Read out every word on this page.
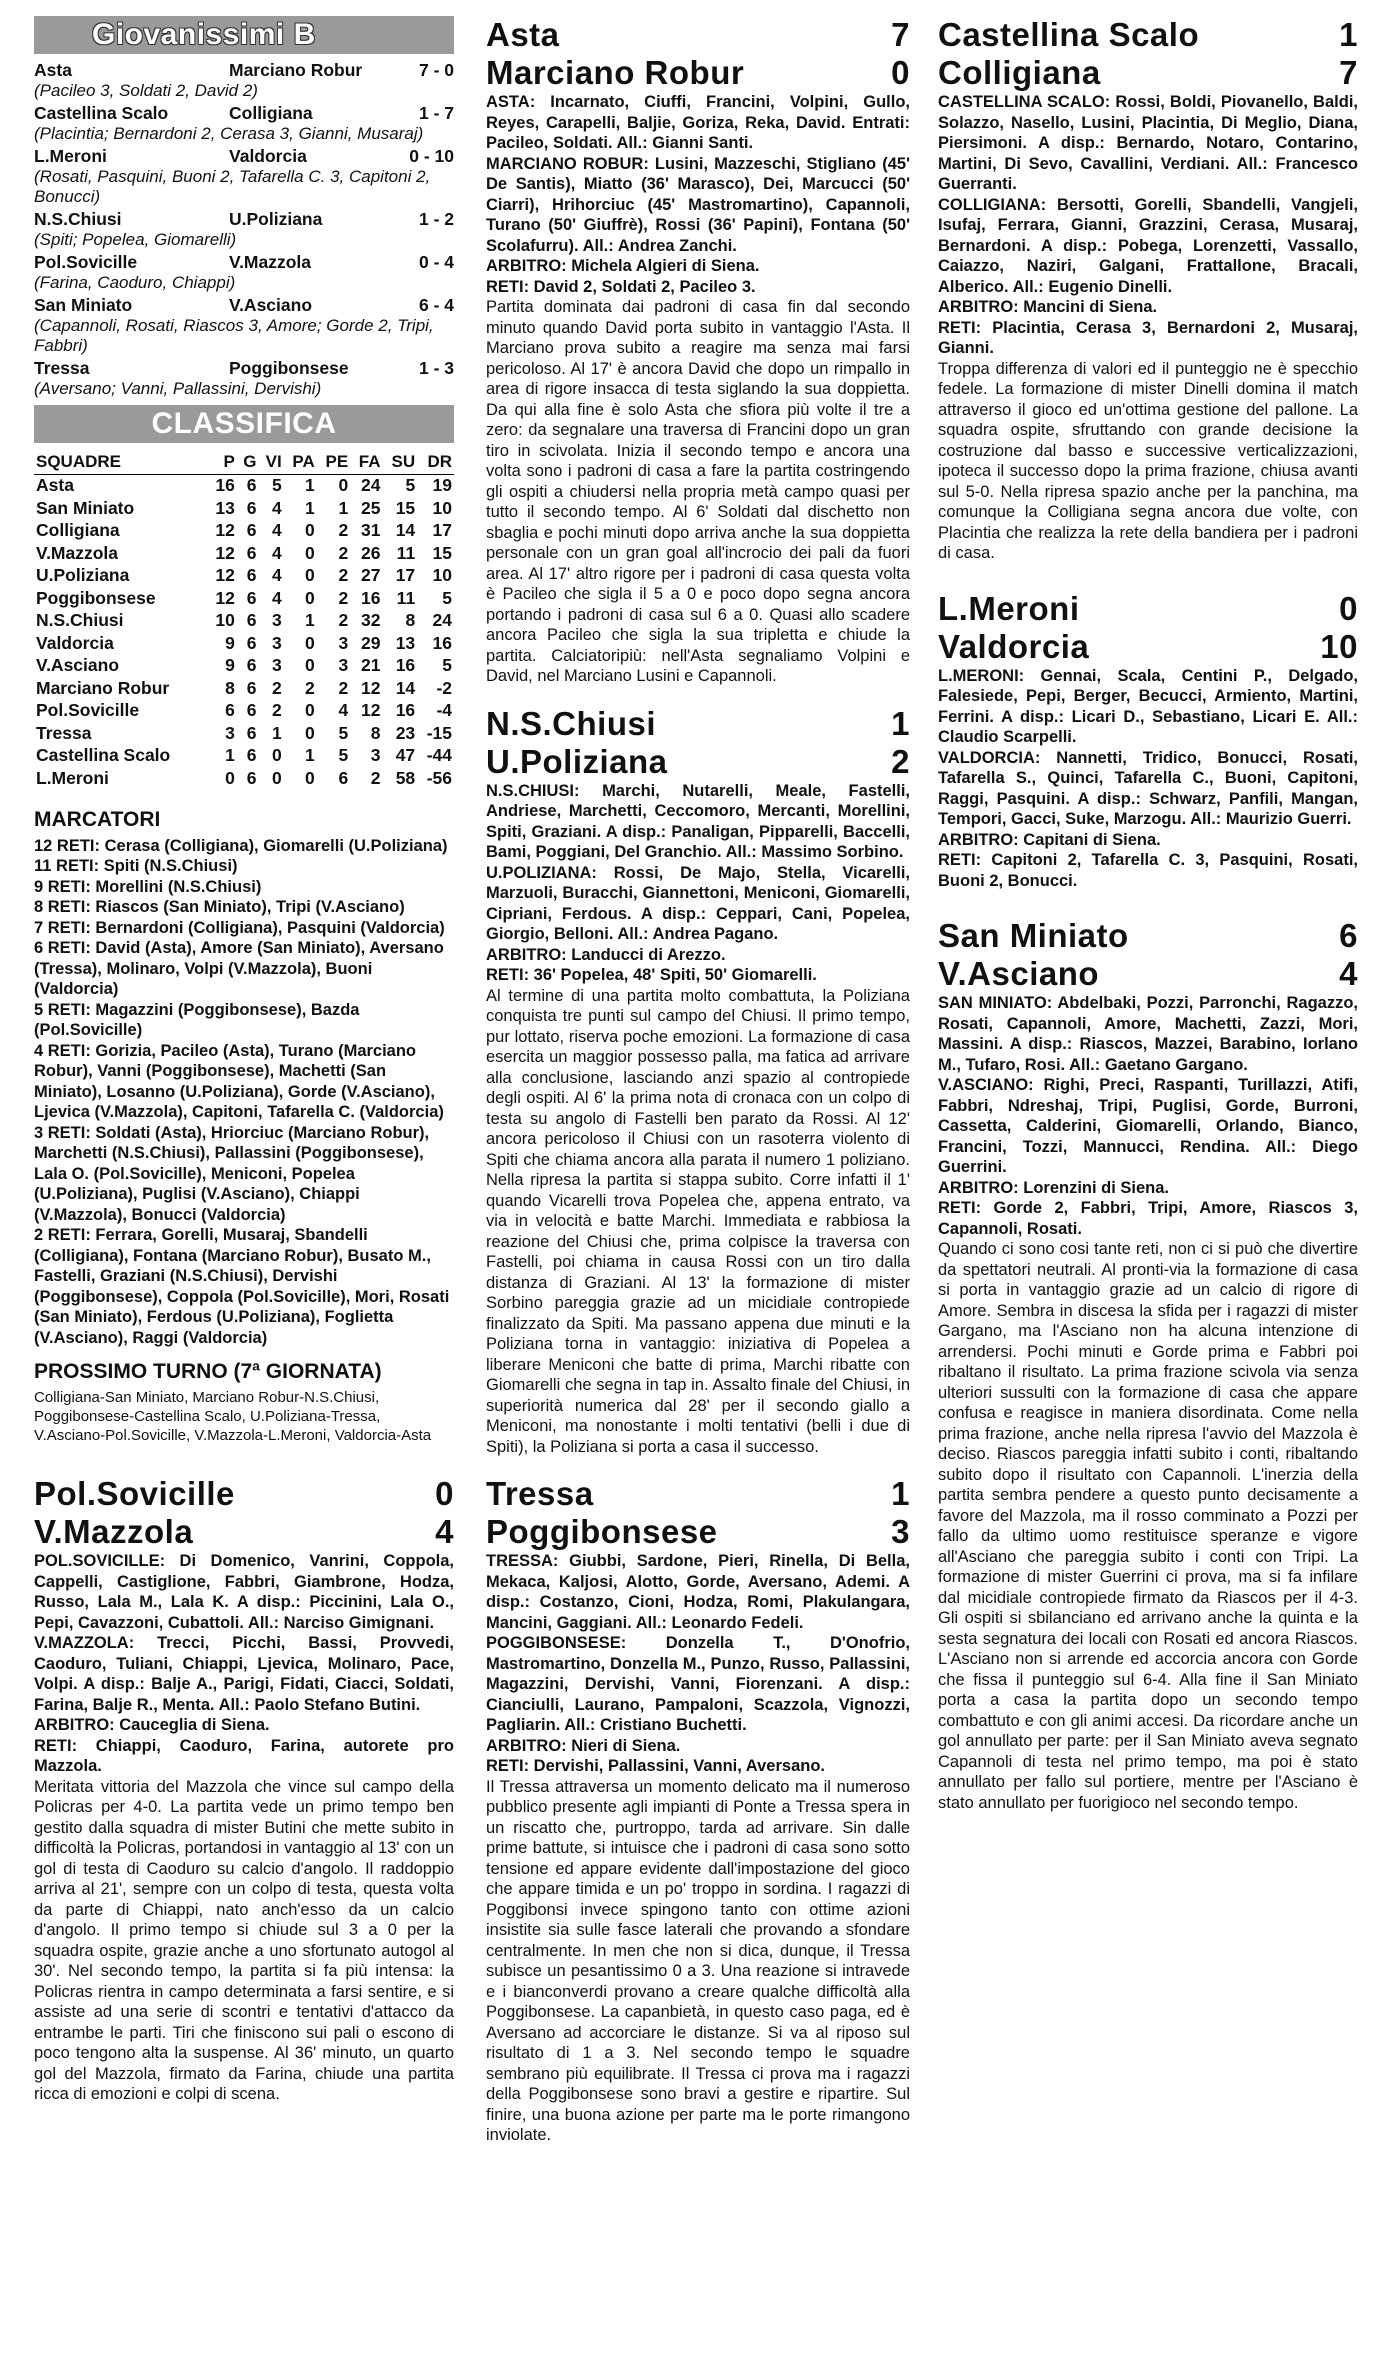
Giovanissimi B
Asta	Marciano Robur	7 - 0
(Pacileo 3, Soldati 2, David 2)
Castellina Scalo	Colligiana	1 - 7
(Placintia; Bernardoni 2, Cerasa 3, Gianni, Musaraj)
L.Meroni	Valdorcia	0 - 10
(Rosati, Pasquini, Buoni 2, Tafarella C. 3, Capitoni 2, Bonucci)
N.S.Chiusi	U.Poliziana	1 - 2
(Spiti; Popelea, Giomarelli)
Pol.Sovicille	V.Mazzola	0 - 4
(Farina, Caoduro, Chiappi)
San Miniato	V.Asciano	6 - 4
(Capannoli, Rosati, Riascos 3, Amore; Gorde 2, Tripi, Fabbri)
Tressa	Poggibonsese	1 - 3
(Aversano; Vanni, Pallassini, Dervishi)
CLASSIFICA
SQUADRE	P	G	VI	PA	PE	FA	SU	DR
Asta	16	6	5	1	0	24	5	19
San Miniato	13	6	4	1	1	25	15	10
Colligiana	12	6	4	0	2	31	14	17
V.Mazzola	12	6	4	0	2	26	11	15
U.Poliziana	12	6	4	0	2	27	17	10
Poggibonsese	12	6	4	0	2	16	11	5
N.S.Chiusi	10	6	3	1	2	32	8	24
Valdorcia	9	6	3	0	3	29	13	16
V.Asciano	9	6	3	0	3	21	16	5
Marciano Robur	8	6	2	2	2	12	14	-2
Pol.Sovicille	6	6	2	0	4	12	16	-4
Tressa	3	6	1	0	5	8	23	-15
Castellina Scalo	1	6	0	1	5	3	47	-44
L.Meroni	0	6	0	0	6	2	58	-56
MARCATORI

12 RETI: Cerasa (Colligiana), Giomarelli (U.Poliziana)

11 RETI: Spiti (N.S.Chiusi)

9 RETI: Morellini (N.S.Chiusi)

8 RETI: Riascos (San Miniato), Tripi (V.Asciano)

7 RETI: Bernardoni (Colligiana), Pasquini (Valdorcia)

6 RETI: David (Asta), Amore (San Miniato), Aversano (Tressa), Molinaro, Volpi (V.Mazzola), Buoni (Valdorcia)

5 RETI: Magazzini (Poggibonsese), Bazda (Pol.Sovicille)

4 RETI: Gorizia, Pacileo (Asta), Turano (Marciano Robur), Vanni (Poggibonsese), Machetti (San Miniato), Losanno (U.Poliziana), Gorde (V.Asciano), Ljevica (V.Mazzola), Capitoni, Tafarella C. (Valdorcia)

3 RETI: Soldati (Asta), Hriorciuc (Marciano Robur), Marchetti (N.S.Chiusi), Pallassini (Poggibonsese), Lala O. (Pol.Sovicille), Meniconi, Popelea (U.Poliziana), Puglisi (V.Asciano), Chiappi (V.Mazzola), Bonucci (Valdorcia)

2 RETI: Ferrara, Gorelli, Musaraj, Sbandelli (Colligiana), Fontana (Marciano Robur), Busato M., Fastelli, Graziani (N.S.Chiusi), Dervishi (Poggibonsese), Coppola (Pol.Sovicille), Mori, Rosati (San Miniato), Ferdous (U.Poliziana), Foglietta (V.Asciano), Raggi (Valdorcia)

PROSSIMO TURNO (7ª GIORNATA)
Colligiana-San Miniato, Marciano Robur-N.S.Chiusi, Poggibonsese-Castellina Scalo, U.Poliziana-Tressa, V.Asciano-Pol.Sovicille, V.Mazzola-L.Meroni, Valdorcia-Asta
Pol.Sovicille	0
V.Mazzola	4

POL.SOVICILLE: Di Domenico, Vanrini, Coppola, Cappelli, Castiglione, Fabbri, Giambrone, Hodza, Russo, Lala M., Lala K. A disp.: Piccinini, Lala O., Pepi, Cavazzoni, Cubattoli. All.: Narciso Gimignani.

V.MAZZOLA: Trecci, Picchi, Bassi, Provvedi, Caoduro, Tuliani, Chiappi, Ljevica, Molinaro, Pace, Volpi. A disp.: Balje A., Parigi, Fidati, Ciacci, Soldati, Farina, Balje R., Menta. All.: Paolo Stefano Butini.

ARBITRO: Cauceglia di Siena.

RETI: Chiappi, Caoduro, Farina, autorete pro Mazzola.

Meritata vittoria del Mazzola che vince sul campo della Policras per 4-0. La partita vede un primo tempo ben gestito dalla squadra di mister Butini che mette subito in difficoltà la Policras, portandosi in vantaggio al 13' con un gol di testa di Caoduro su calcio d'angolo. Il raddoppio arriva al 21', sempre con un colpo di testa, questa volta da parte di Chiappi, nato anch'esso da un calcio d'angolo. Il primo tempo si chiude sul 3 a 0 per la squadra ospite, grazie anche a uno sfortunato autogol al 30'. Nel secondo tempo, la partita si fa più intensa: la Policras rientra in campo determinata a farsi sentire, e si assiste ad una serie di scontri e tentativi d'attacco da entrambe le parti. Tiri che finiscono sui pali o escono di poco tengono alta la suspense. Al 36' minuto, un quarto gol del Mazzola, firmato da Farina, chiude una partita ricca di emozioni e colpi di scena.

Asta	7
Marciano Robur	0

ASTA: Incarnato, Ciuffi, Francini, Volpini, Gullo, Reyes, Carapelli, Baljie, Goriza, Reka, David. Entrati: Pacileo, Soldati. All.: Gianni Santi.

MARCIANO ROBUR: Lusini, Mazzeschi, Stigliano (45' De Santis), Miatto (36' Marasco), Dei, Marcucci (50' Ciarri), Hrihorciuc (45' Mastromartino), Capannoli, Turano (50' Giuffrè), Rossi (36' Papini), Fontana (50' Scolafurru). All.: Andrea Zanchi.

ARBITRO: Michela Algieri di Siena.

RETI: David 2, Soldati 2, Pacileo 3.

Partita dominata dai padroni di casa fin dal secondo minuto quando David porta subito in vantaggio l'Asta. Il Marciano prova subito a reagire ma senza mai farsi pericoloso. Al 17' è ancora David che dopo un rimpallo in area di rigore insacca di testa siglando la sua doppietta. Da qui alla fine è solo Asta che sfiora più volte il tre a zero: da segnalare una traversa di Francini dopo un gran tiro in scivolata. Inizia il secondo tempo e ancora una volta sono i padroni di casa a fare la partita costringendo gli ospiti a chiudersi nella propria metà campo quasi per tutto il secondo tempo. Al 6' Soldati dal dischetto non sbaglia e pochi minuti dopo arriva anche la sua doppietta personale con un gran goal all'incrocio dei pali da fuori area. Al 17' altro rigore per i padroni di casa questa volta è Pacileo che sigla il 5 a 0 e poco dopo segna ancora portando i padroni di casa sul 6 a 0. Quasi allo scadere ancora Pacileo che sigla la sua tripletta e chiude la partita. Calciatoripiù: nell'Asta segnaliamo Volpini e David, nel Marciano Lusini e Capannoli.

N.S.Chiusi	1
U.Poliziana	2

N.S.CHIUSI: Marchi, Nutarelli, Meale, Fastelli, Andriese, Marchetti, Ceccomoro, Mercanti, Morellini, Spiti, Graziani. A disp.: Panaligan, Pipparelli, Baccelli, Bami, Poggiani, Del Granchio. All.: Massimo Sorbino.

U.POLIZIANA: Rossi, De Majo, Stella, Vicarelli, Marzuoli, Buracchi, Giannettoni, Meniconi, Giomarelli, Cipriani, Ferdous. A disp.: Ceppari, Cani, Popelea, Giorgio, Belloni. All.: Andrea Pagano.

ARBITRO: Landucci di Arezzo.

RETI: 36' Popelea, 48' Spiti, 50' Giomarelli.

Al termine di una partita molto combattuta, la Poliziana conquista tre punti sul campo del Chiusi. Il primo tempo, pur lottato, riserva poche emozioni. La formazione di casa esercita un maggior possesso palla, ma fatica ad arrivare alla conclusione, lasciando anzi spazio al contropiede degli ospiti. Al 6' la prima nota di cronaca con un colpo di testa su angolo di Fastelli ben parato da Rossi. Al 12' ancora pericoloso il Chiusi con un rasoterra violento di Spiti che chiama ancora alla parata il numero 1 poliziano. Nella ripresa la partita si stappa subito. Corre infatti il 1' quando Vicarelli trova Popelea che, appena entrato, va via in velocità e batte Marchi. Immediata e rabbiosa la reazione del Chiusi che, prima colpisce la traversa con Fastelli, poi chiama in causa Rossi con un tiro dalla distanza di Graziani. Al 13' la formazione di mister Sorbino pareggia grazie ad un micidiale contropiede finalizzato da Spiti. Ma passano appena due minuti e la Poliziana torna in vantaggio: iniziativa di Popelea a liberare Meniconi che batte di prima, Marchi ribatte con Giomarelli che segna in tap in. Assalto finale del Chiusi, in superiorità numerica dal 28' per il secondo giallo a Meniconi, ma nonostante i molti tentativi (belli i due di Spiti), la Poliziana si porta a casa il successo.

Tressa	1
Poggibonsese	3

TRESSA: Giubbi, Sardone, Pieri, Rinella, Di Bella, Mekaca, Kaljosi, Alotto, Gorde, Aversano, Ademi. A disp.: Costanzo, Cioni, Hodza, Romi, Plakulangara, Mancini, Gaggiani. All.: Leonardo Fedeli.

POGGIBONSESE: Donzella T., D'Onofrio, Mastromartino, Donzella M., Punzo, Russo, Pallassini, Magazzini, Dervishi, Vanni, Fiorenzani. A disp.: Cianciulli, Laurano, Pampaloni, Scazzola, Vignozzi, Pagliarin. All.: Cristiano Buchetti.

ARBITRO: Nieri di Siena.

RETI: Dervishi, Pallassini, Vanni, Aversano.

Il Tressa attraversa un momento delicato ma il numeroso pubblico presente agli impianti di Ponte a Tressa spera in un riscatto che, purtroppo, tarda ad arrivare. Sin dalle prime battute, si intuisce che i padroni di casa sono sotto tensione ed appare evidente dall'impostazione del gioco che appare timida e un po' troppo in sordina. I ragazzi di Poggibonsi invece spingono tanto con ottime azioni insistite sia sulle fasce laterali che provando a sfondare centralmente. In men che non si dica, dunque, il Tressa subisce un pesantissimo 0 a 3. Una reazione si intravede e i bianconverdi provano a creare qualche difficoltà alla Poggibonsese. La capanbietà, in questo caso paga, ed è Aversano ad accorciare le distanze. Si va al riposo sul risultato di 1 a 3. Nel secondo tempo le squadre sembrano più equilibrate. Il Tressa ci prova ma i ragazzi della Poggibonsese sono bravi a gestire e ripartire. Sul finire, una buona azione per parte ma le porte rimangono inviolate.

Castellina Scalo	1
Colligiana	7

CASTELLINA SCALO: Rossi, Boldi, Piovanello, Baldi, Solazzo, Nasello, Lusini, Placintia, Di Meglio, Diana, Piersimoni. A disp.: Bernardo, Notaro, Contarino, Martini, Di Sevo, Cavallini, Verdiani. All.: Francesco Guerranti.

COLLIGIANA: Bersotti, Gorelli, Sbandelli, Vangjeli, Isufaj, Ferrara, Gianni, Grazzini, Cerasa, Musaraj, Bernardoni. A disp.: Pobega, Lorenzetti, Vassallo, Caiazzo, Naziri, Galgani, Frattallone, Bracali, Alberico. All.: Eugenio Dinelli.

ARBITRO: Mancini di Siena.

RETI: Placintia, Cerasa 3, Bernardoni 2, Musaraj, Gianni.

Troppa differenza di valori ed il punteggio ne è specchio fedele. La formazione di mister Dinelli domina il match attraverso il gioco ed un'ottima gestione del pallone. La squadra ospite, sfruttando con grande decisione la costruzione dal basso e successive verticalizzazioni, ipoteca il successo dopo la prima frazione, chiusa avanti sul 5-0. Nella ripresa spazio anche per la panchina, ma comunque la Colligiana segna ancora due volte, con Placintia che realizza la rete della bandiera per i padroni di casa.

L.Meroni	0
Valdorcia	10

L.MERONI: Gennai, Scala, Centini P., Delgado, Falesiede, Pepi, Berger, Becucci, Armiento, Martini, Ferrini. A disp.: Licari D., Sebastiano, Licari E. All.: Claudio Scarpelli.

VALDORCIA: Nannetti, Tridico, Bonucci, Rosati, Tafarella S., Quinci, Tafarella C., Buoni, Capitoni, Raggi, Pasquini. A disp.: Schwarz, Panfili, Mangan, Tempori, Gacci, Suke, Marzogu. All.: Maurizio Guerri.

ARBITRO: Capitani di Siena.

RETI: Capitoni 2, Tafarella C. 3, Pasquini, Rosati, Buoni 2, Bonucci.

San Miniato	6
V.Asciano	4

SAN MINIATO: Abdelbaki, Pozzi, Parronchi, Ragazzo, Rosati, Capannoli, Amore, Machetti, Zazzi, Mori, Massini. A disp.: Riascos, Mazzei, Barabino, Iorlano M., Tufaro, Rosi. All.: Gaetano Gargano.

V.ASCIANO: Righi, Preci, Raspanti, Turillazzi, Atifi, Fabbri, Ndreshaj, Tripi, Puglisi, Gorde, Burroni, Cassetta, Calderini, Giomarelli, Orlando, Bianco, Francini, Tozzi, Mannucci, Rendina. All.: Diego Guerrini.

ARBITRO: Lorenzini di Siena.

RETI: Gorde 2, Fabbri, Tripi, Amore, Riascos 3, Capannoli, Rosati.

Quando ci sono cosi tante reti, non ci si può che divertire da spettatori neutrali. Al pronti-via la formazione di casa si porta in vantaggio grazie ad un calcio di rigore di Amore. Sembra in discesa la sfida per i ragazzi di mister Gargano, ma l'Asciano non ha alcuna intenzione di arrendersi. Pochi minuti e Gorde prima e Fabbri poi ribaltano il risultato. La prima frazione scivola via senza ulteriori sussulti con la formazione di casa che appare confusa e reagisce in maniera disordinata. Come nella prima frazione, anche nella ripresa l'avvio del Mazzola è deciso. Riascos pareggia infatti subito i conti, ribaltando subito dopo il risultato con Capannoli. L'inerzia della partita sembra pendere a questo punto decisamente a favore del Mazzola, ma il rosso comminato a Pozzi per fallo da ultimo uomo restituisce speranze e vigore all'Asciano che pareggia subito i conti con Tripi. La formazione di mister Guerrini ci prova, ma si fa infilare dal micidiale contropiede firmato da Riascos per il 4-3. Gli ospiti si sbilanciano ed arrivano anche la quinta e la sesta segnatura dei locali con Rosati ed ancora Riascos. L'Asciano non si arrende ed accorcia ancora con Gorde che fissa il punteggio sul 6-4. Alla fine il San Miniato porta a casa la partita dopo un secondo tempo combattuto e con gli animi accesi. Da ricordare anche un gol annullato per parte: per il San Miniato aveva segnato Capannoli di testa nel primo tempo, ma poi è stato annullato per fallo sul portiere, mentre per l'Asciano è stato annullato per fuorigioco nel secondo tempo.
